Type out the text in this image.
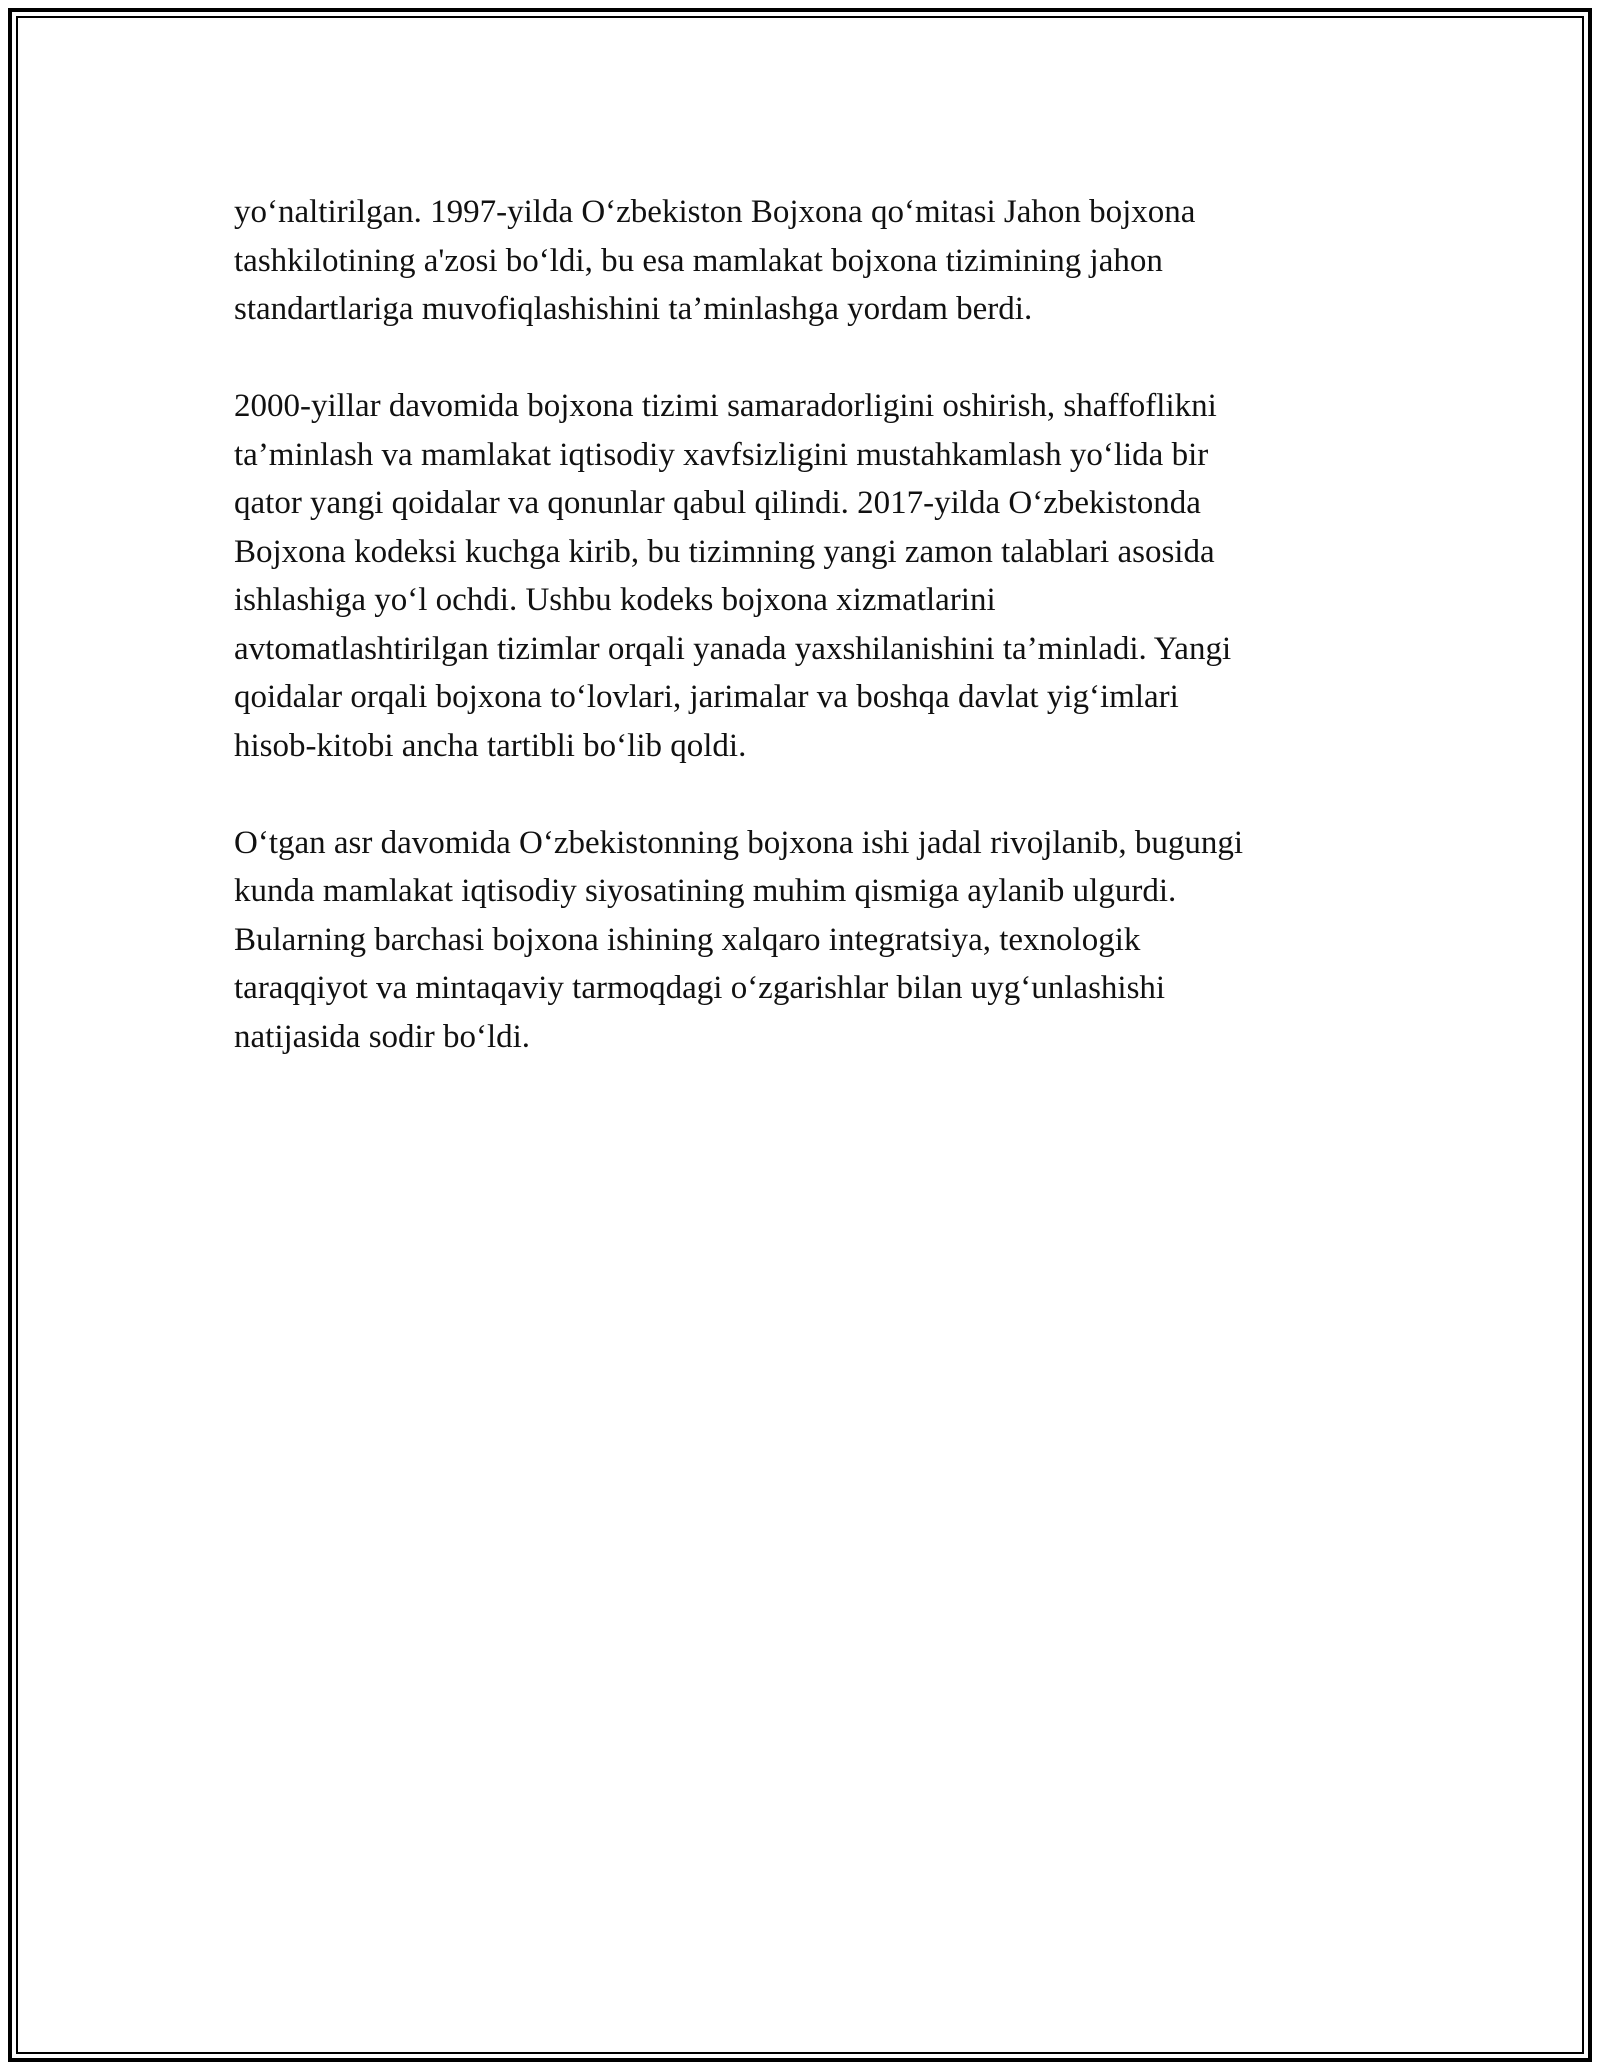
yo‘naltirilgan. 1997-yilda O‘zbekiston Bojxona qo‘mitasi Jahon bojxona
tashkilotining a'zosi bo‘ldi, bu esa mamlakat bojxona tizimining jahon
standartlariga muvofiqlashishini ta’minlashga yordam berdi.

2000-yillar davomida bojxona tizimi samaradorligini oshirish, shaffoflikni
ta’minlash va mamlakat iqtisodiy xavfsizligini mustahkamlash yo‘lida bir
qator yangi qoidalar va qonunlar qabul qilindi. 2017-yilda O‘zbekistonda
Bojxona kodeksi kuchga kirib, bu tizimning yangi zamon talablari asosida
ishlashiga yo‘l ochdi. Ushbu kodeks bojxona xizmatlarini
avtomatlashtirilgan tizimlar orqali yanada yaxshilanishini ta’minladi. Yangi
qoidalar orqali bojxona to‘lovlari, jarimalar va boshqa davlat yig‘imlari
hisob-kitobi ancha tartibli bo‘lib qoldi.

O‘tgan asr davomida O‘zbekistonning bojxona ishi jadal rivojlanib, bugungi
kunda mamlakat iqtisodiy siyosatining muhim qismiga aylanib ulgurdi.
Bularning barchasi bojxona ishining xalqaro integratsiya, texnologik
taraqqiyot va mintaqaviy tarmoqdagi o‘zgarishlar bilan uyg‘unlashishi
natijasida sodir bo‘ldi.
